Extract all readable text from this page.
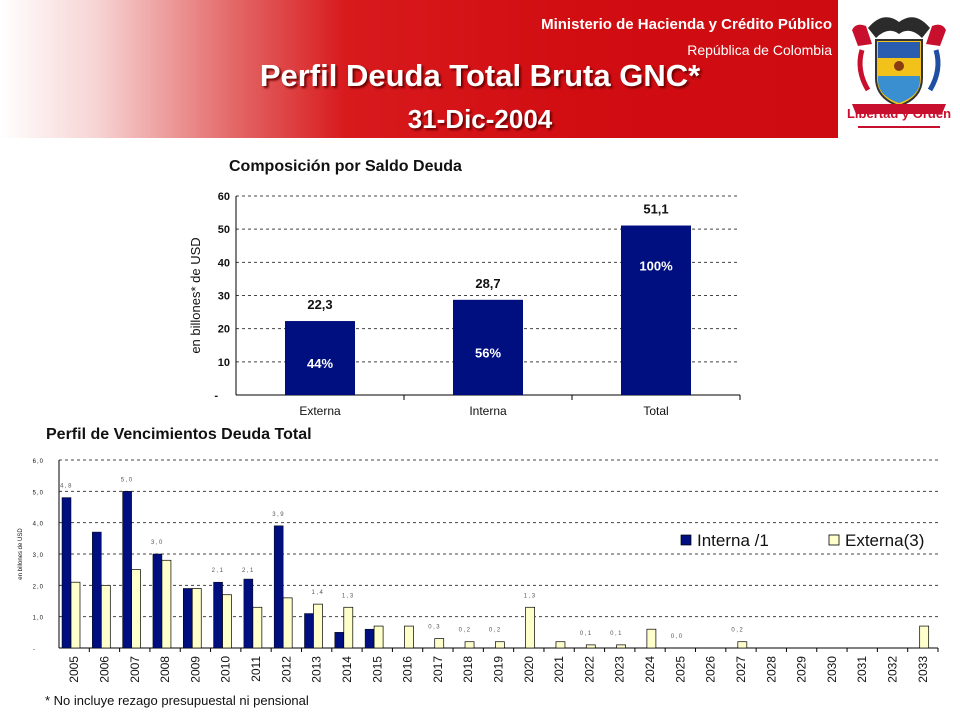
Libertad y Orden
Ministerio de Hacienda y Crédito Público
República de Colombia
Perfil Deuda Total Bruta GNC*
31-Dic-2004
Composición por Saldo Deuda
Perfil de Vencimientos Deuda Total
* No incluye rezago presupuestal ni pensional
60
50
40
30
20
10
-
en billones* de USD	22,3
44%
Externa
28,7
56%
Interna
51,1
100%
Total
6,0
5,0
4,0
3,0
2,0
1,0
-
en billones de USD
2005 2006 2007 2008 2009 2010 2011 2012 2013 2014 2015 2016 2017 2018 2019 2020 2021 2022 2023 2024 2025 2026 2027 2028 2029 2030 2031 2032 2033
4,8
5,0
3,9
3,0
2,1	2,1
1,4
1,3	1,3
0,3
0,2	0,2	0,2
0,1	0,1
0,0
Interna /1	Externa(3)
